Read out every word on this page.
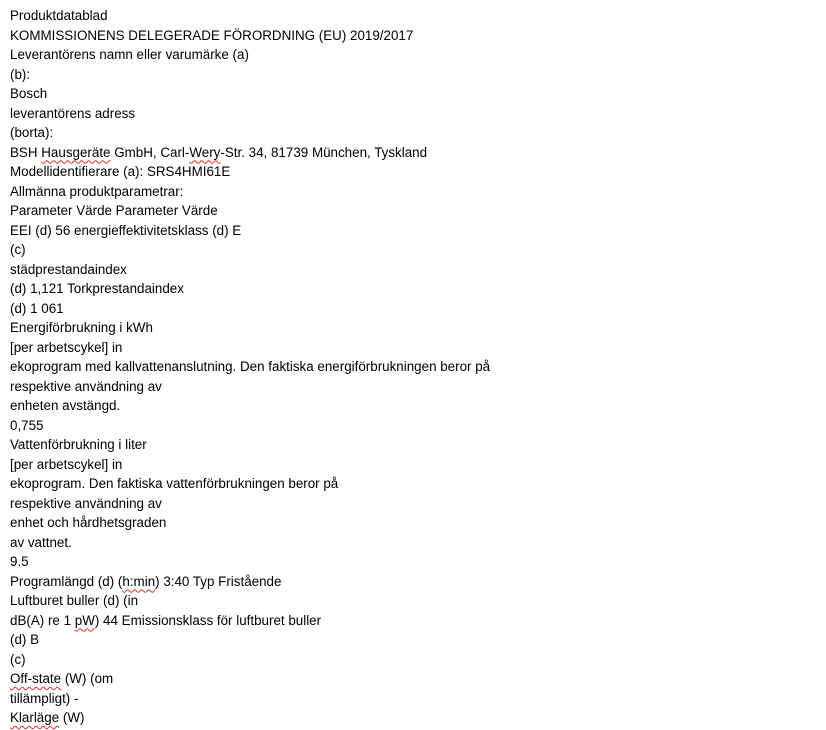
Produktdatablad
KOMMISSIONENS DELEGERADE FÖRORDNING (EU) 2019/2017
Leverantörens namn eller varumärke (a)
(b):
Bosch
leverantörens adress
(borta):
BSH Hausgeräte GmbH, Carl-Wery-Str. 34, 81739 München, Tyskland
Modellidentifierare (a): SRS4HMI61E
Allmänna produktparametrar:
Parameter Värde Parameter Värde
EEI (d) 56 energieffektivitetsklass (d) E
(c)
städprestandaindex
(d) 1,121 Torkprestandaindex
(d) 1 061
Energiförbrukning i kWh
[per arbetscykel] in
ekoprogram med kallvattenanslutning. Den faktiska energiförbrukningen beror på
respektive användning av
enheten avstängd.
0,755
Vattenförbrukning i liter
[per arbetscykel] in
ekoprogram. Den faktiska vattenförbrukningen beror på
respektive användning av
enhet och hårdhetsgraden
av vattnet.
9.5
Programlängd (d) (h:min) 3:40 Typ Fristående
Luftburet buller (d) (in
dB(A) re 1 pW) 44 Emissionsklass för luftburet buller
(d) B
(c)
Off-state (W) (om
tillämpligt) -
Klarläge (W)
